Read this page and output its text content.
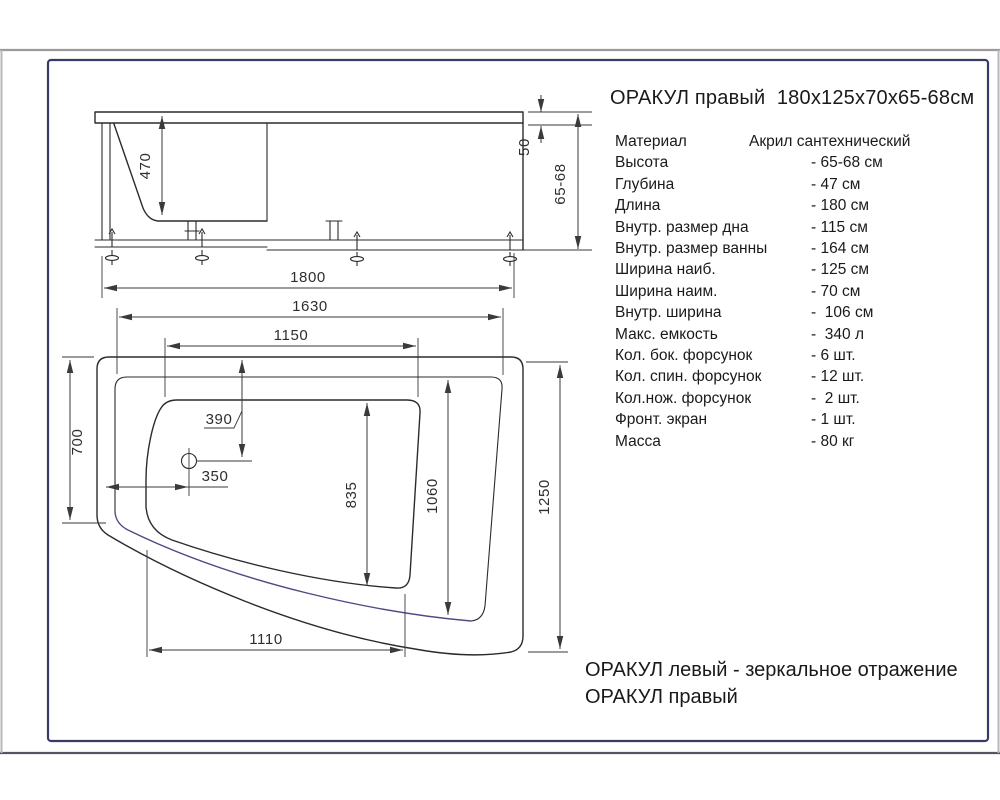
470
50
65-68
1800
1630
1150
700
390
350
835	1060	1250
1110
ОРАКУЛ правый  180х125х70х65-68см
Материал	Акрил сантехнический
Высота	- 65-68 см
Глубина	- 47 см
Длина	- 180 см
Внутр. размер дна	- 115 см
Внутр. размер ванны	- 164 см
Ширина наиб.	- 125 см
Ширина наим.	- 70 см
Внутр. ширина	-  106 см
Макс. емкость	-  340 л
Кол. бок. форсунок	- 6 шт.
Кол. спин. форсунок	- 12 шт.
Кол.нож. форсунок	-  2 шт.
Фронт. экран	- 1 шт.
Масса	- 80 кг
ОРАКУЛ левый - зеркальное отражение
ОРАКУЛ правый
